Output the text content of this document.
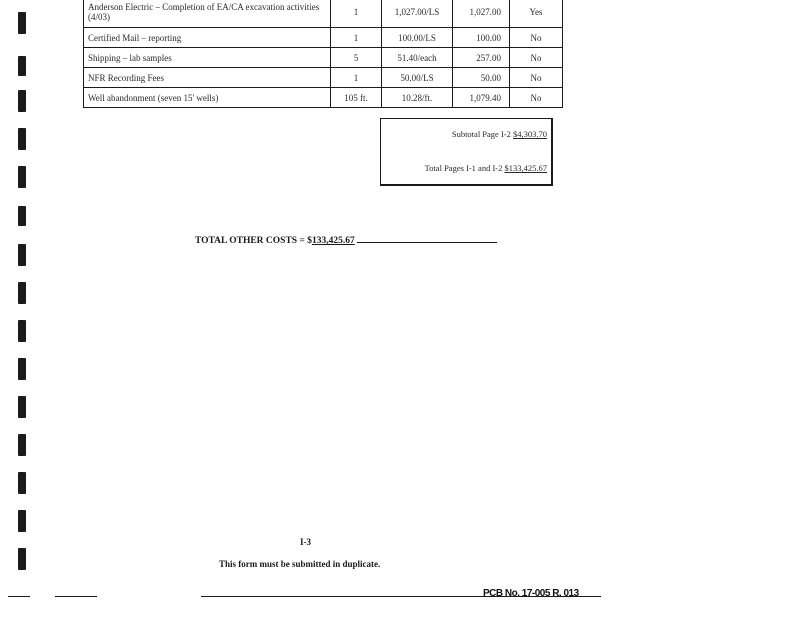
Anderson Electric – Completion of EA/CA excavation activities (4/03)	1	1,027.00/LS	1,027.00	Yes
Certified Mail – reporting	1	100.00/LS	100.00	No
Shipping – lab samples	5	51.40/each	257.00	No
NFR Recording Fees	1	50.00/LS	50.00	No
Well abandonment (seven 15' wells)	105 ft.	10.28/ft.	1,079.40	No
Subtotal Page I-2 $4,303.70
Total Pages I-1 and I-2 $133,425.67
TOTAL OTHER COSTS = $133,425.67
I-3
This form must be submitted in duplicate.
PCB No. 17-005 R. 013
